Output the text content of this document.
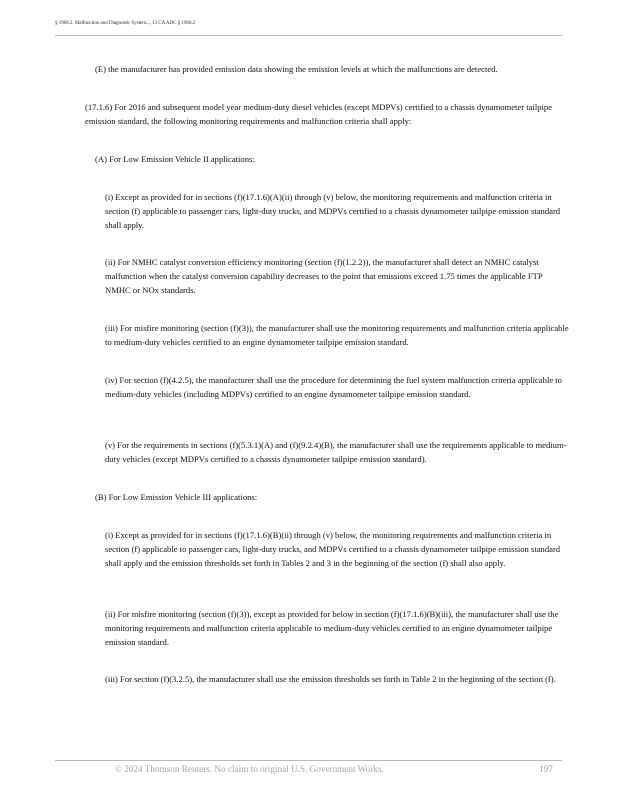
§ 1968.2. Malfunction and Diagnostic System..., 13 CA ADC § 1968.2

(E) the manufacturer has provided emission data showing the emission levels at which the malfunctions are detected.

(17.1.6) For 2016 and subsequent model year medium-duty diesel vehicles (except MDPVs) certified to a chassis dynamometer tailpipe emission standard, the following monitoring requirements and malfunction criteria shall apply:

(A) For Low Emission Vehicle II applications:

(i) Except as provided for in sections (f)(17.1.6)(A)(ii) through (v) below, the monitoring requirements and malfunction criteria in section (f) applicable to passenger cars, light-duty trucks, and MDPVs certified to a chassis dynamometer tailpipe emission standard shall apply.

(ii) For NMHC catalyst conversion efficiency monitoring (section (f)(1.2.2)), the manufacturer shall detect an NMHC catalyst malfunction when the catalyst conversion capability decreases to the point that emissions exceed 1.75 times the applicable FTP NMHC or NOx standards.

(iii) For misfire monitoring (section (f)(3)), the manufacturer shall use the monitoring requirements and malfunction criteria applicable to medium-duty vehicles certified to an engine dynamometer tailpipe emission standard.

(iv) For section (f)(4.2.5), the manufacturer shall use the procedure for determining the fuel system malfunction criteria applicable to medium-duty vehicles (including MDPVs) certified to an engine dynamometer tailpipe emission standard.

(v) For the requirements in sections (f)(5.3.1)(A) and (f)(9.2.4)(B), the manufacturer shall use the requirements applicable to medium-duty vehicles (except MDPVs certified to a chassis dynamometer tailpipe emission standard).

(B) For Low Emission Vehicle III applications:

(i) Except as provided for in sections (f)(17.1.6)(B)(ii) through (v) below, the monitoring requirements and malfunction criteria in section (f) applicable to passenger cars, light-duty trucks, and MDPVs certified to a chassis dynamometer tailpipe emission standard shall apply and the emission thresholds set forth in Tables 2 and 3 in the beginning of the section (f) shall also apply.

(ii) For misfire monitoring (section (f)(3)), except as provided for below in section (f)(17.1.6)(B)(iii), the manufacturer shall use the monitoring requirements and malfunction criteria applicable to medium-duty vehicles certified to an engine dynamometer tailpipe emission standard.

(iii) For section (f)(3.2.5), the manufacturer shall use the emission thresholds set forth in Table 2 in the beginning of the section (f).

© 2024 Thomson Reuters. No claim to original U.S. Government Works.	197
